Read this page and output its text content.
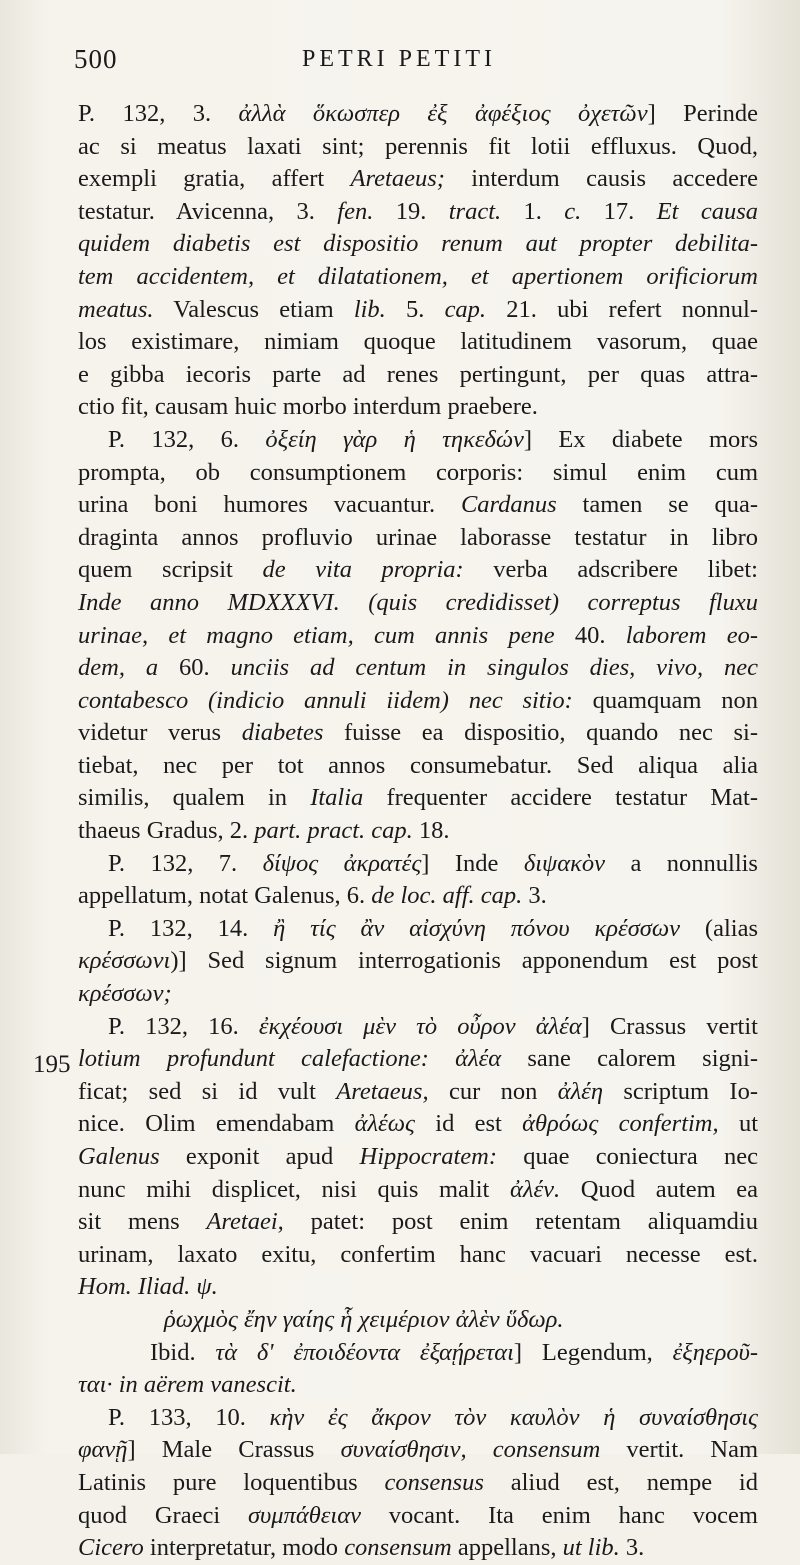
500	PETRI PETITI
195
P. 132, 3. ἀλλὰ ὅκωσπερ ἐξ ἀφέξιος ὀχετῶν] Perinde
ac si meatus laxati sint; perennis fit lotii effluxus. Quod,
exempli gratia, affert Aretaeus; interdum causis accedere
testatur. Avicenna, 3. fen. 19. tract. 1. c. 17. Et causa
quidem diabetis est dispositio renum aut propter debilita-
tem accidentem, et dilatationem, et apertionem orificiorum
meatus. Valescus etiam lib. 5. cap. 21. ubi refert nonnul-
los existimare, nimiam quoque latitudinem vasorum, quae
e gibba iecoris parte ad renes pertingunt, per quas attra-
ctio fit, causam huic morbo interdum praebere.
P. 132, 6. ὀξείη γὰρ ἡ τηκεδών] Ex diabete mors
prompta, ob consumptionem corporis: simul enim cum
urina boni humores vacuantur. Cardanus tamen se qua-
draginta annos profluvio urinae laborasse testatur in libro
quem scripsit de vita propria: verba adscribere libet:
Inde anno MDXXXVI. (quis credidisset) correptus fluxu
urinae, et magno etiam, cum annis pene 40. laborem eo-
dem, a 60. unciis ad centum in singulos dies, vivo, nec
contabesco (indicio annuli iidem) nec sitio: quamquam non
videtur verus diabetes fuisse ea dispositio, quando nec si-
tiebat, nec per tot annos consumebatur. Sed aliqua alia
similis, qualem in Italia frequenter accidere testatur Mat-
thaeus Gradus, 2. part. pract. cap. 18.
P. 132, 7. δίψος ἀκρατές] Inde διψακὸν a nonnullis
appellatum, notat Galenus, 6. de loc. aff. cap. 3.
P. 132, 14. ἢ τίς ἂν αἰσχύνη πόνου κρέσσων (alias
κρέσσωνι)] Sed signum interrogationis apponendum est post
κρέσσων;
P. 132, 16. ἐκχέουσι μὲν τὸ οὖρον ἀλέα] Crassus vertit
lotium profundunt calefactione: ἀλέα sane calorem signi-
ficat; sed si id vult Aretaeus, cur non ἀλέη scriptum Io-
nice. Olim emendabam ἀλέως id est ἀθρόως confertim, ut
Galenus exponit apud Hippocratem: quae coniectura nec
nunc mihi displicet, nisi quis malit ἀλέν. Quod autem ea
sit mens Aretaei, patet: post enim retentam aliquamdiu
urinam, laxato exitu, confertim hanc vacuari necesse est.
Hom. Iliad. ψ.
ῥωχμὸς ἔην γαίης ἧ χειμέριον ἀλὲν ὕδωρ.
Ibid. τὰ δ' ἐποιδέοντα ἐξαῄρεται] Legendum, ἐξηεροῦ-
ται· in aërem vanescit.
P. 133, 10. κὴν ἐς ἄκρον τὸν καυλὸν ἡ συναίσθησις
φανῇ] Male Crassus συναίσθησιν, consensum vertit. Nam
Latinis pure loquentibus consensus aliud est, nempe id
quod Graeci συμπάθειαν vocant. Ita enim hanc vocem
Cicero interpretatur, modo consensum appellans, ut lib. 3.
